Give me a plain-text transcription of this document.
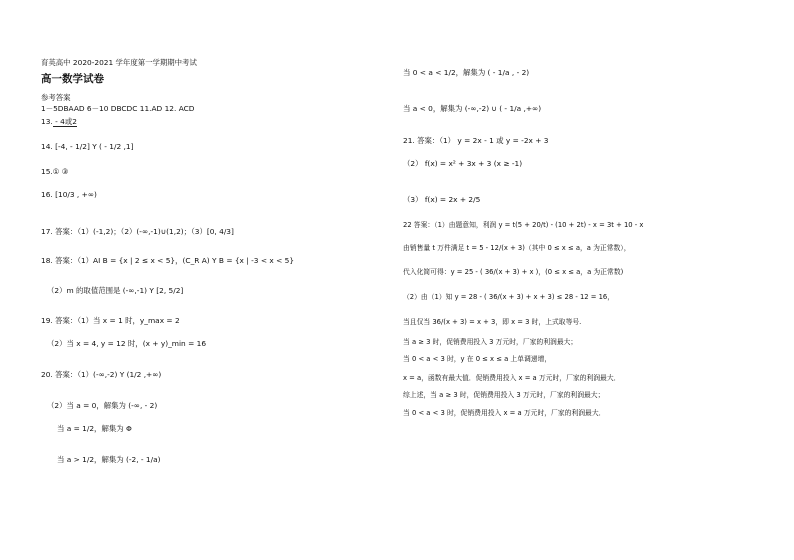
育英高中 2020-2021 学年度第一学期期中考试
高一数学试卷
参考答案
1－5DBAAD 6－10 DBCDC 11.AD 12. ACD
13. - 4或2
14. [-4, - 1/2] Y ( - 1/2 ,1]
15.① ③
16. [10/3 , +∞)
17. 答案：（1）(-1,2)；（2）(-∞,-1)∪(1,2)；（3）[0, 4/3]
18. 答案：（1）AI B = {x | 2 ≤ x < 5}，(C_R A) Y B = {x | -3 < x < 5}
（2）m 的取值范围是 (-∞,-1) Y [2, 5/2]
19. 答案：（1）当 x = 1 时，y_max = 2
（2）当 x = 4, y = 12 时，(x + y)_min = 16
20. 答案：（1）(-∞,-2) Y (1/2 ,+∞)
（2）当 a = 0，解集为 (-∞, - 2)
当 a = 1/2，解集为 Φ
当 a > 1/2，解集为 (-2, - 1/a)
当 0 < a < 1/2，解集为 ( - 1/a , - 2)
当 a < 0，解集为 (-∞,-2) ∪ ( - 1/a ,+∞)
21. 答案：（1） y = 2x - 1 或 y = -2x + 3
（2） f(x) = x² + 3x + 3 (x ≥ -1)
（3） f(x) = 2x + 2/5
22 答案：（1）由题意知，利润 y = t(5 + 20/t) - (10 + 2t) - x = 3t + 10 - x
由销售量 t 万件满足 t = 5 - 12/(x + 3)（其中 0 ≤ x ≤ a，a 为正常数），
代入化简可得：y = 25 - ( 36/(x + 3) + x )，(0 ≤ x ≤ a，a 为正常数)
（2）由（1）知 y = 28 - ( 36/(x + 3) + x + 3) ≤ 28 - 12 = 16，
当且仅当 36/(x + 3) = x + 3，即 x = 3 时，上式取等号.
当 a ≥ 3 时，促销费用投入 3 万元时，厂家的利润最大；
当 0 < a < 3 时，y 在 0 ≤ x ≤ a 上单调递增，
x = a，函数有最大值．促销费用投入 x = a 万元时，厂家的利润最大．
综上述，当 a ≥ 3 时，促销费用投入 3 万元时，厂家的利润最大；
当 0 < a < 3 时，促销费用投入 x = a 万元时，厂家的利润最大．
